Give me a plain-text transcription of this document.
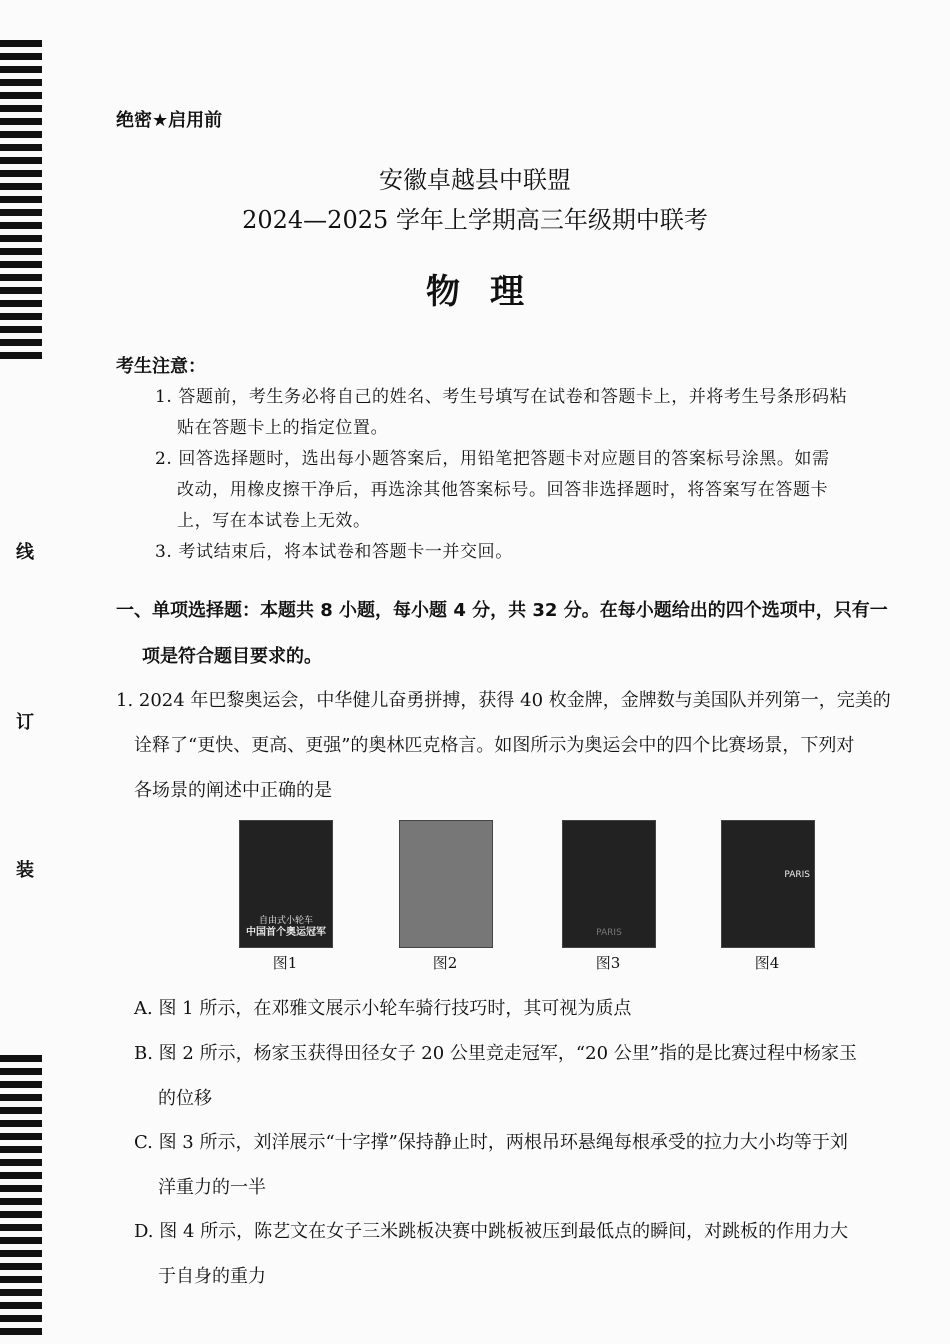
线
订
装
绝密★启用前
安徽卓越县中联盟
2024—2025 学年上学期高三年级期中联考
物理
考生注意：
1. 答题前，考生务必将自己的姓名、考生号填写在试卷和答题卡上，并将考生号条形码粘
贴在答题卡上的指定位置。
2. 回答选择题时，选出每小题答案后，用铅笔把答题卡对应题目的答案标号涂黑。如需
改动，用橡皮擦干净后，再选涂其他答案标号。回答非选择题时，将答案写在答题卡
上，写在本试卷上无效。
3. 考试结束后，将本试卷和答题卡一并交回。
一、单项选择题：本题共 8 小题，每小题 4 分，共 32 分。在每小题给出的四个选项中，只有一
项是符合题目要求的。
1. 2024 年巴黎奥运会，中华健儿奋勇拼搏，获得 40 枚金牌，金牌数与美国队并列第一，完美的
诠释了“更快、更高、更强”的奥林匹克格言。如图所示为奥运会中的四个比赛场景，下列对
各场景的阐述中正确的是
自由式小轮车
中国首个奥运冠军	PARIS
PARIS
图1	图2	图3	图4
A. 图 1 所示，在邓雅文展示小轮车骑行技巧时，其可视为质点
B. 图 2 所示，杨家玉获得田径女子 20 公里竞走冠军，“20 公里”指的是比赛过程中杨家玉
的位移
C. 图 3 所示，刘洋展示“十字撑”保持静止时，两根吊环悬绳每根承受的拉力大小均等于刘
洋重力的一半
D. 图 4 所示，陈艺文在女子三米跳板决赛中跳板被压到最低点的瞬间，对跳板的作用力大
于自身的重力
